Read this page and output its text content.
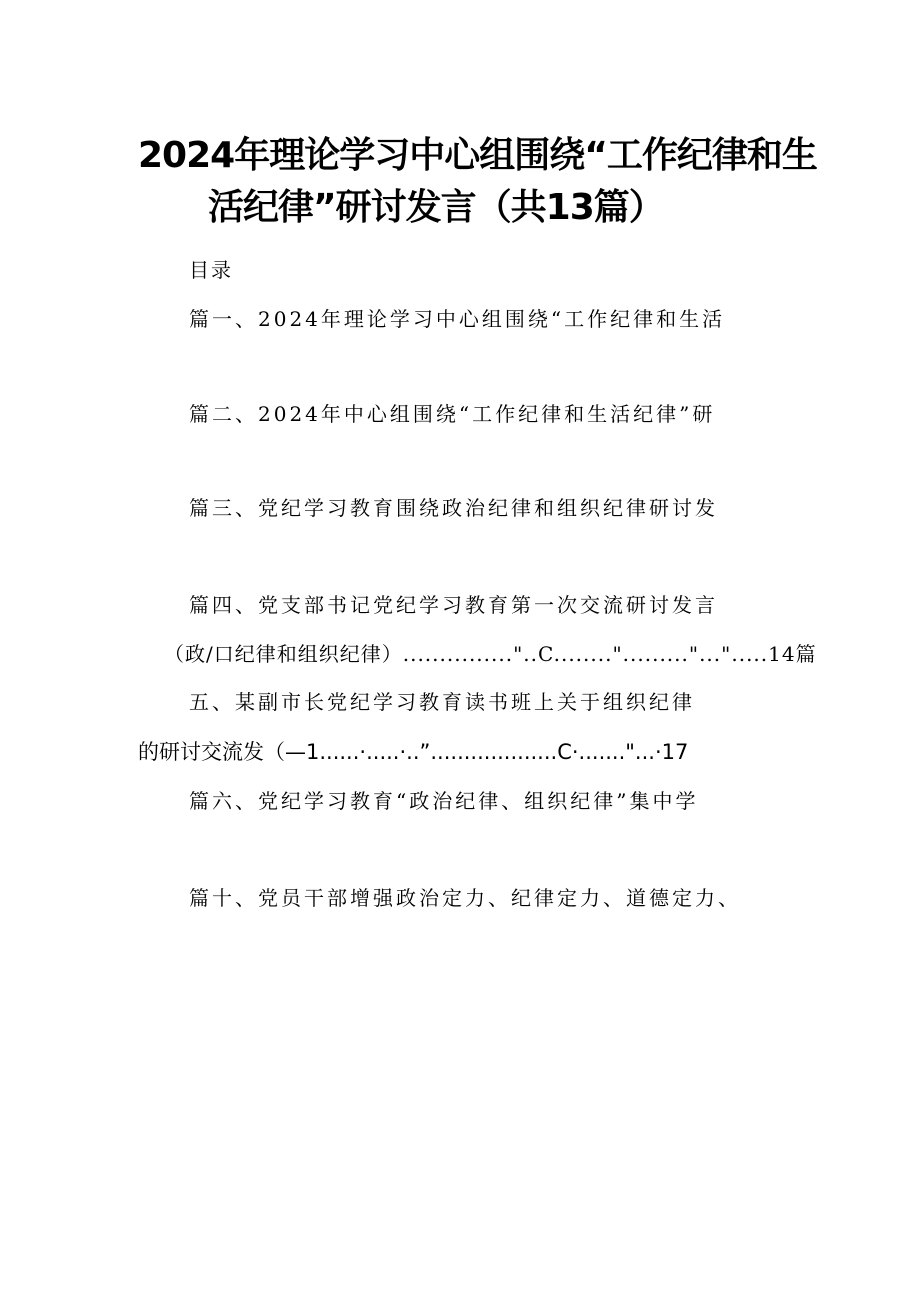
2024年理论学习中心组围绕“工作纪律和生
活纪律”研讨发言（共13篇）
目录
篇一、2024年理论学习中心组围绕“工作纪律和生活
篇二、2024年中心组围绕“工作纪律和生活纪律”研
篇三、党纪学习教育围绕政治纪律和组织纪律研讨发
篇四、党支部书记党纪学习教育第一次交流研讨发言
（政/口纪律和组织纪律）..............."..C........"........."...".....14篇
五、某副市长党纪学习教育读书班上关于组织纪律
的研讨交流发（—1......·.....·..”...................C·......."...·17
篇六、党纪学习教育“政治纪律、组织纪律”集中学
篇十、党员干部增强政治定力、纪律定力、道德定力、
